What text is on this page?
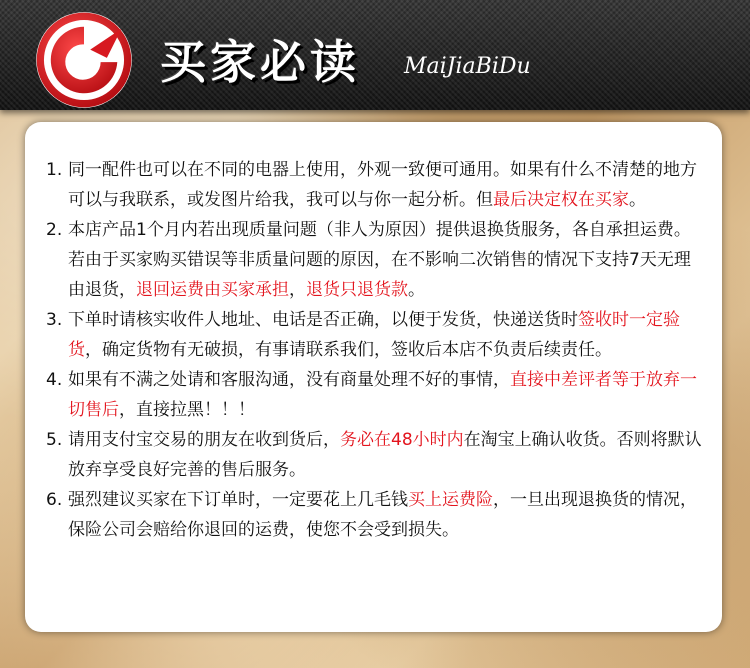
买家必读 MaiJiaBiDu
1. 同一配件也可以在不同的电器上使用，外观一致便可通用。如果有什么不清楚的地方可以与我联系，或发图片给我，我可以与你一起分析。但最后决定权在买家。
2. 本店产品1个月内若出现质量问题（非人为原因）提供退换货服务，各自承担运费。若由于买家购买错误等非质量问题的原因，在不影响二次销售的情况下支持7天无理由退货，退回运费由买家承担，退货只退货款。
3. 下单时请核实收件人地址、电话是否正确，以便于发货，快递送货时签收时一定验货，确定货物有无破损，有事请联系我们，签收后本店不负责后续责任。
4. 如果有不满之处请和客服沟通，没有商量处理不好的事情，直接中差评者等于放弃一切售后，直接拉黑！！！
5. 请用支付宝交易的朋友在收到货后，务必在48小时内在淘宝上确认收货。否则将默认放弃享受良好完善的售后服务。
6. 强烈建议买家在下订单时，一定要花上几毛钱买上运费险，一旦出现退换货的情况，保险公司会赔给你退回的运费，使您不会受到损失。
